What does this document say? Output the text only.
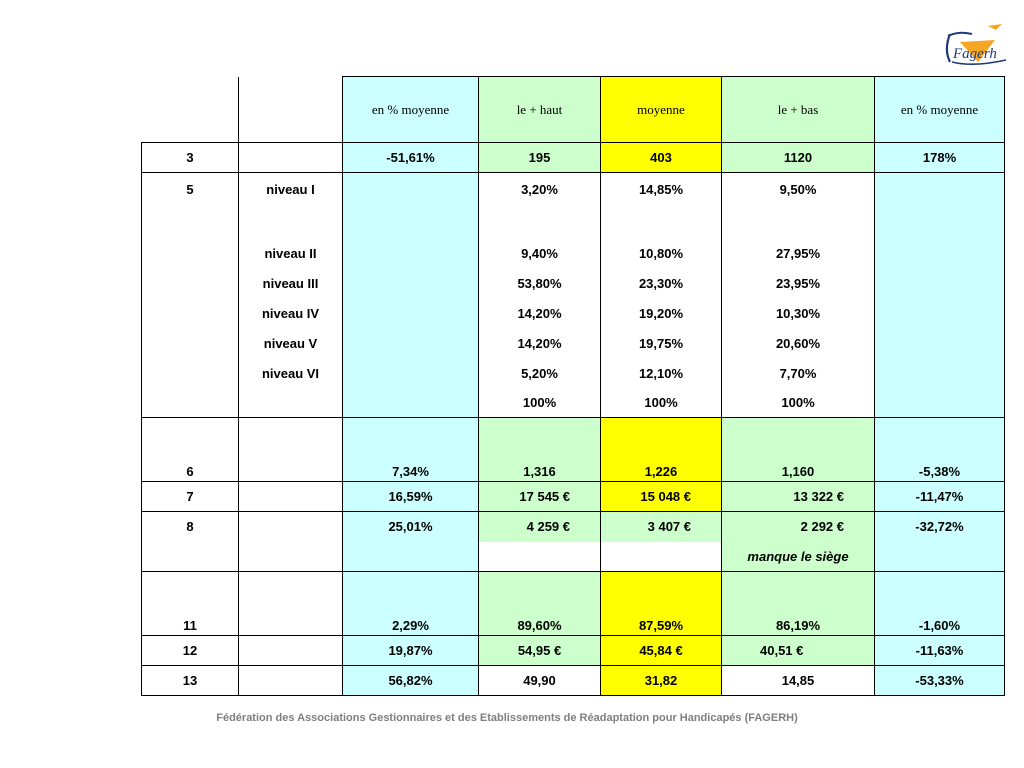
Fagerh
		en % moyenne	le + haut	moyenne	le + bas	en % moyenne
3		-51,61%	195	403	1120	178%
5	niveau I		3,20%	14,85%	9,50%	
	niveau II		9,40%	10,80%	27,95%	
	niveau III		53,80%	23,30%	23,95%	
	niveau IV		14,20%	19,20%	10,30%	
	niveau V		14,20%	19,75%	20,60%	
	niveau VI		5,20%	12,10%	7,70%	
			100%	100%	100%	
6		7,34%	1,316	1,226	1,160	-5,38%
7		16,59%	17 545 €	15 048 €	13 322 €	-11,47%
8		25,01%	4 259 €	3 407 €	2 292 €	-32,72%
					manque le siège	
11		2,29%	89,60%	87,59%	86,19%	-1,60%
12		19,87%	54,95 €	45,84 €	40,51 €	-11,63%
13		56,82%	49,90	31,82	14,85	-53,33%
Fédération des Associations Gestionnaires et des Etablissements de Réadaptation pour Handicapés (FAGERH)
